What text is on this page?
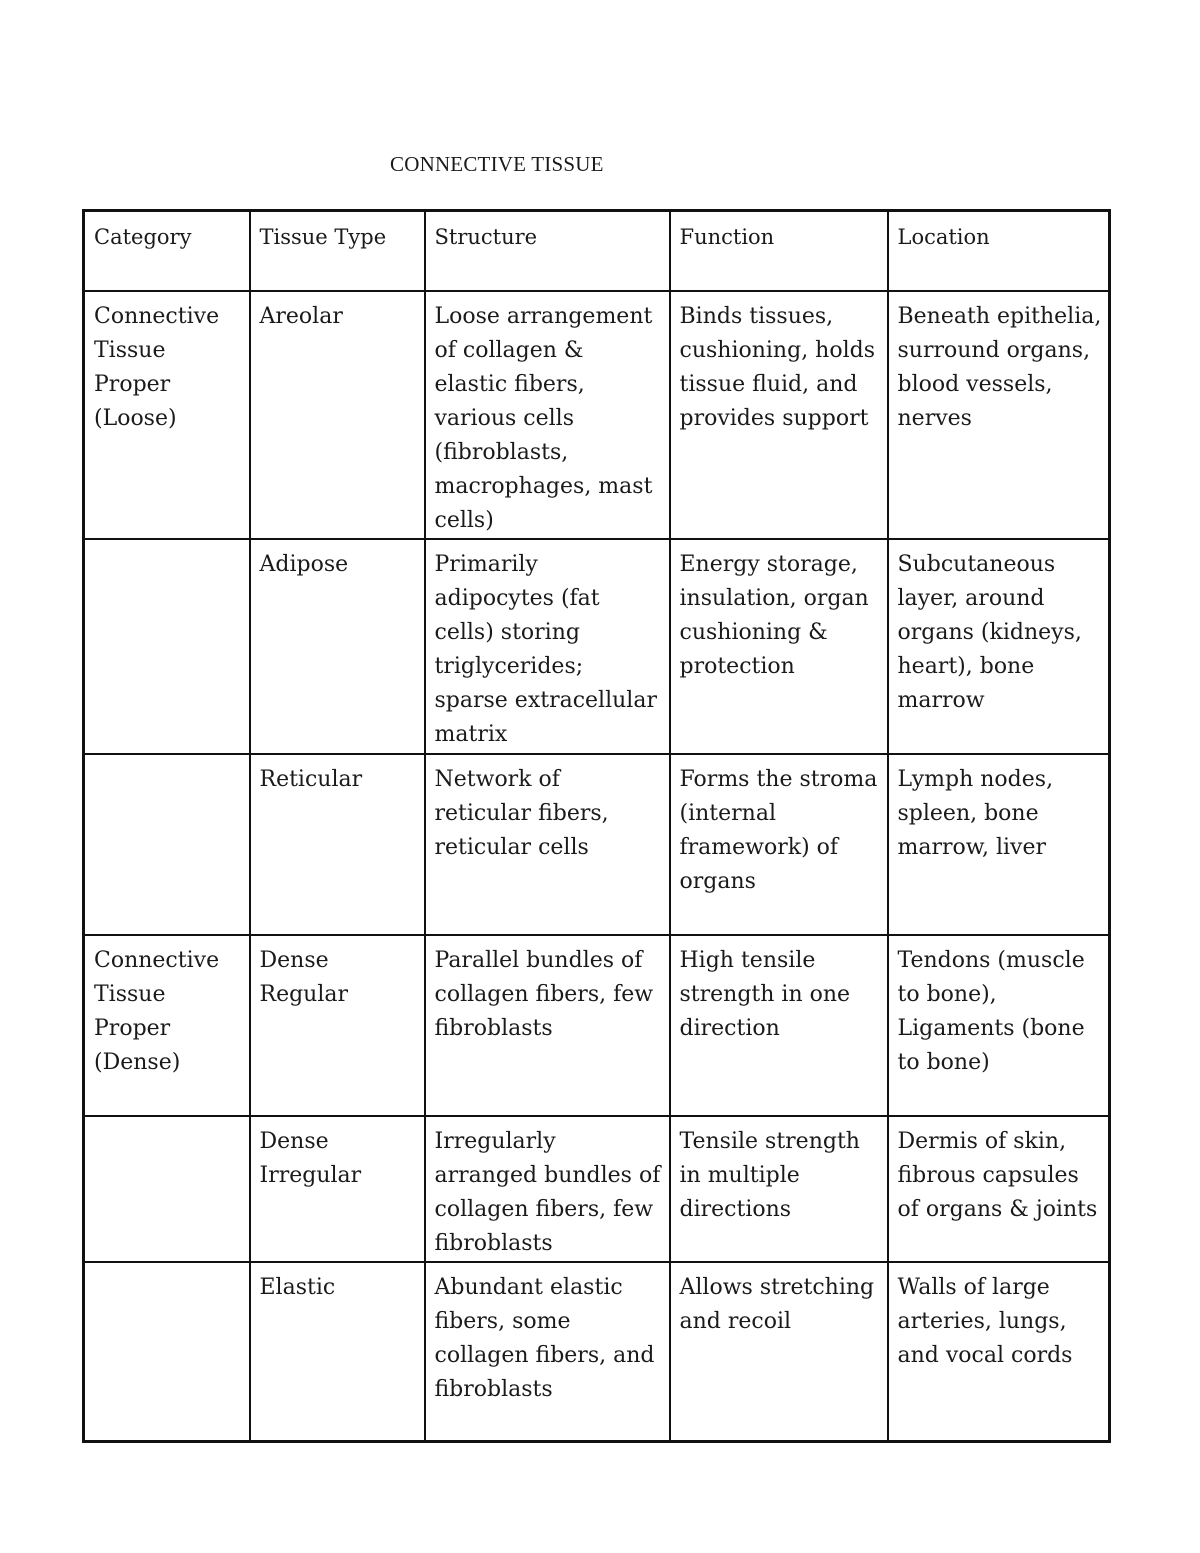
CONNECTIVE TISSUE
Category	Tissue Type	Structure	Function	Location
Connective Tissue Proper (Loose)	Areolar	Loose arrangement of collagen & elastic fibers, various cells (fibroblasts, macrophages, mast cells)	Binds tissues, cushioning, holds tissue fluid, and provides support	Beneath epithelia, surround organs, blood vessels, nerves
	Adipose	Primarily adipocytes (fat cells) storing triglycerides; sparse extracellular matrix	Energy storage, insulation, organ cushioning & protection	Subcutaneous layer, around organs (kidneys, heart), bone marrow
	Reticular	Network of reticular fibers, reticular cells	Forms the stroma (internal framework) of organs	Lymph nodes, spleen, bone marrow, liver
Connective Tissue Proper (Dense)	Dense Regular	Parallel bundles of collagen fibers, few fibroblasts	High tensile strength in one direction	Tendons (muscle to bone), Ligaments (bone to bone)
	Dense Irregular	Irregularly arranged bundles of collagen fibers, few fibroblasts	Tensile strength in multiple directions	Dermis of skin, fibrous capsules of organs & joints
	Elastic	Abundant elastic fibers, some collagen fibers, and fibroblasts	Allows stretching and recoil	Walls of large arteries, lungs, and vocal cords
